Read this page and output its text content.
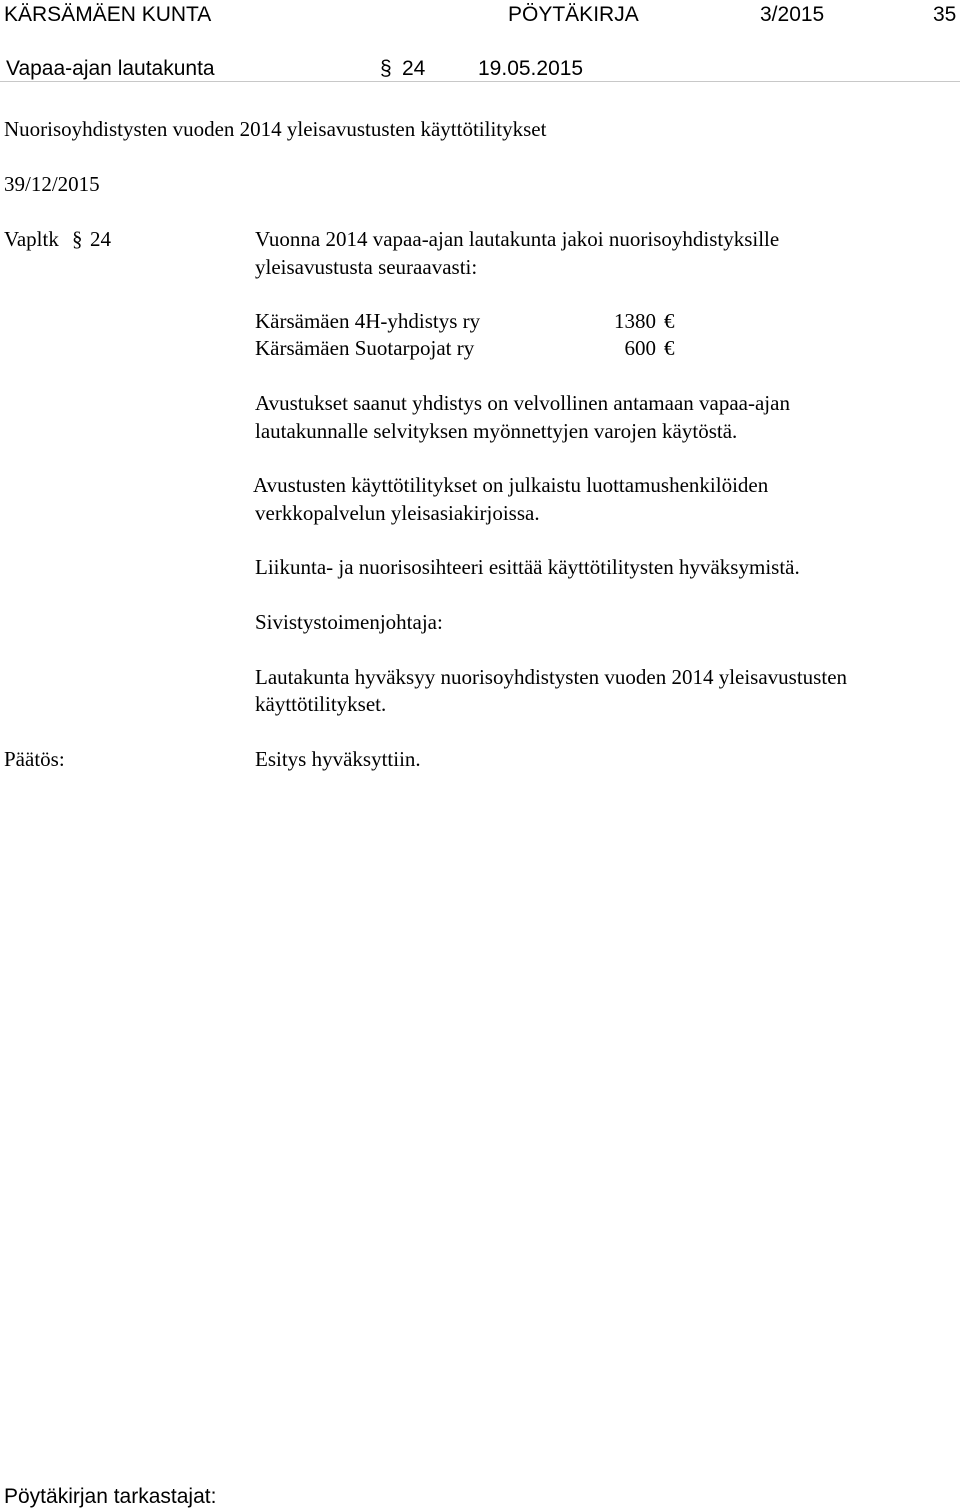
KÄRSÄMÄEN KUNTA	PÖYTÄKIRJA	3/2015	35
Vapaa-ajan lautakunta	§ 24	19.05.2015
Nuorisoyhdistysten vuoden 2014 yleisavustusten käyttötilitykset
39/12/2015
Vapltk § 24	Vuonna 2014 vapaa-ajan lautakunta jakoi nuorisoyhdistyksille
yleisavustusta seuraavasti:
Kärsämäen 4H-yhdistys ry	1380 €
Kärsämäen Suotarpojat ry	600 €
Avustukset saanut yhdistys on velvollinen antamaan vapaa-ajan
lautakunnalle selvityksen myönnettyjen varojen käytöstä.
Avustusten käyttötilitykset on julkaistu luottamushenkilöiden
verkkopalvelun yleisasiakirjoissa.
Liikunta- ja nuorisosihteeri esittää käyttötilitysten hyväksymistä.
Sivistystoimenjohtaja:
Lautakunta hyväksyy nuorisoyhdistysten vuoden 2014 yleisavustusten
käyttötilitykset.
Päätös:	Esitys hyväksyttiin.
Pöytäkirjan tarkastajat:
